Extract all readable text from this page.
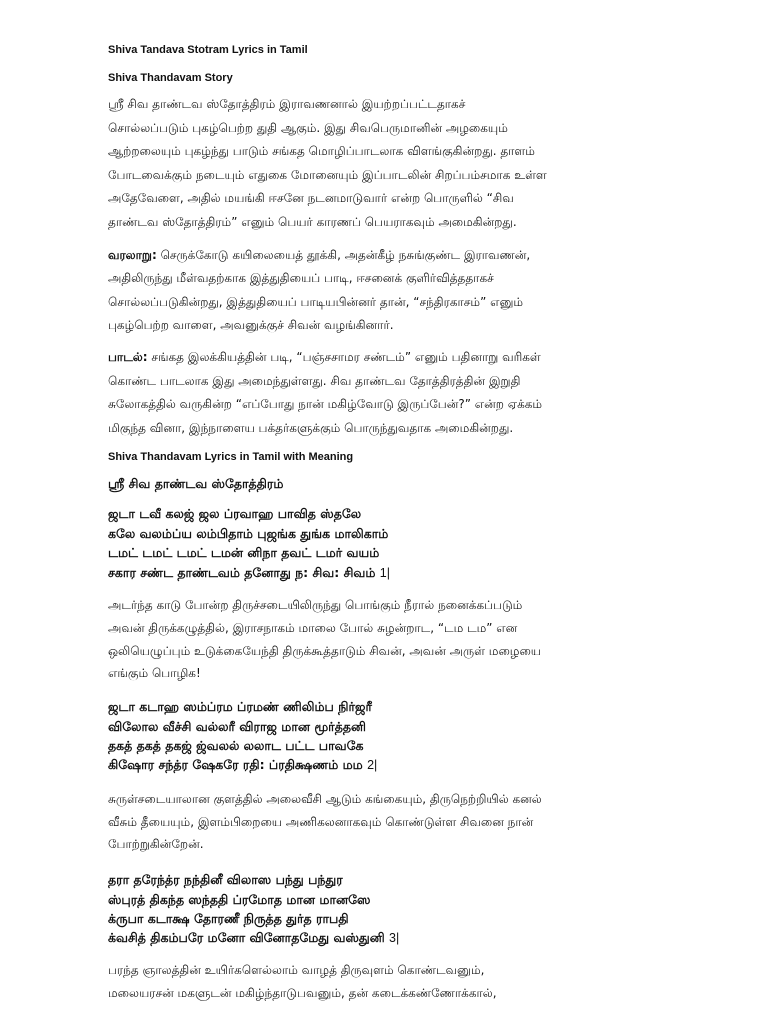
Shiva Tandava Stotram Lyrics in Tamil

Shiva Thandavam Story

ஸ்ரீ சிவ தாண்டவ ஸ்தோத்திரம் இராவணனால் இயற்றப்பட்டதாகச்
சொல்லப்படும் புகழ்பெற்ற துதி ஆகும். இது சிவபெருமானின் அழகையும்
ஆற்றலையும் புகழ்ந்து பாடும் சங்கத மொழிப்பாடலாக விளங்குகின்றது. தாளம்
போடவைக்கும் நடையும் எதுகை மோனையும் இப்பாடலின் சிறப்பம்சமாக உள்ள
அதேவேளை, அதில் மயங்கி ஈசனே நடனமாடுவார் என்ற பொருளில் “சிவ
தாண்டவ ஸ்தோத்திரம்” எனும் பெயர் காரணப் பெயராகவும் அமைகின்றது.

வரலாறு: செருக்கோடு கயிலையைத் தூக்கி, அதன்கீழ் நசுங்குண்ட இராவணன்,
அதிலிருந்து மீள்வதற்காக இத்துதியைப் பாடி, ஈசனைக் குளிர்வித்ததாகச்
சொல்லப்படுகின்றது, இத்துதியைப் பாடியபின்னர் தான், “சந்திரகாசம்” எனும்
புகழ்பெற்ற வாளை, அவனுக்குச் சிவன் வழங்கினார்.

பாடல்: சங்கத இலக்கியத்தின் படி, “பஞ்சசாமர சண்டம்” எனும் பதினாறு வரிகள்
கொண்ட பாடலாக இது அமைந்துள்ளது. சிவ தாண்டவ தோத்திரத்தின் இறுதி
சுலோகத்தில் வருகின்ற “எப்போது நான் மகிழ்வோடு இருப்பேன்?” என்ற ஏக்கம்
மிகுந்த வினா, இந்நாளைய பக்தர்களுக்கும் பொருந்துவதாக அமைகின்றது.

Shiva Thandavam Lyrics in Tamil with Meaning

ஸ்ரீ சிவ தாண்டவ ஸ்தோத்திரம்
ஜடா டவீ கலஜ் ஜல ப்ரவாஹ பாவித ஸ்தலே
கலே வலம்ப்ய லம்பிதாம் புஜங்க துங்க மாலிகாம்
டமட் டமட் டமட் டமன் னிநா தவட் டமர் வயம்
சகார சண்ட தாண்டவம் தனோது ந: சிவ: சிவம் 1|
அடர்ந்த காடு போன்ற திருச்சடையிலிருந்து பொங்கும் நீரால் நனைக்கப்படும்
அவன் திருக்கழுத்தில், இராசநாகம் மாலை போல் சுழன்றாட, “டம டம” என
ஒலியெழுப்பும் உடுக்கையேந்தி திருக்கூத்தாடும் சிவன், அவன் அருள் மழையை
எங்கும் பொழிக!
ஜடா கடாஹ ஸம்ப்ரம ப்ரமண் ணிலிம்ப நிர்ஜரீ
விலோல வீச்சி வல்லரீ விராஜ மான மூர்த்தனி
தகத் தகத் தகஜ் ஜ்வலல் லலாட பட்ட பாவகே
கிஷோர சந்த்ர ஷேகரே ரதி: ப்ரதிக்ஷணம் மம 2|
சுருள்சடையாலான குளத்தில் அலைவீசி ஆடும் கங்கையும், திருநெற்றியில் கனல்
வீசும் தீயையும், இளம்பிறையை அணிகலனாகவும் கொண்டுள்ள சிவனை நான்
போற்றுகின்றேன்.
தரா தரேந்த்ர நந்தினீ விலாஸ பந்து பந்துர
ஸ்புரத் திகந்த ஸந்ததி ப்ரமோத மான மானஸே
க்ருபா கடாக்ஷ தோரணீ நிருத்த துர்த ராபதி
க்வசித் திகம்பரே மனோ வினோதமேது வஸ்துனி 3|
பரந்த ஞாலத்தின் உயிர்களெல்லாம் வாழத் திருவுளம் கொண்டவனும்,
மலையரசன் மகளுடன் மகிழ்ந்தாடுபவனும், தன் கடைக்கண்ணோக்கால்,
